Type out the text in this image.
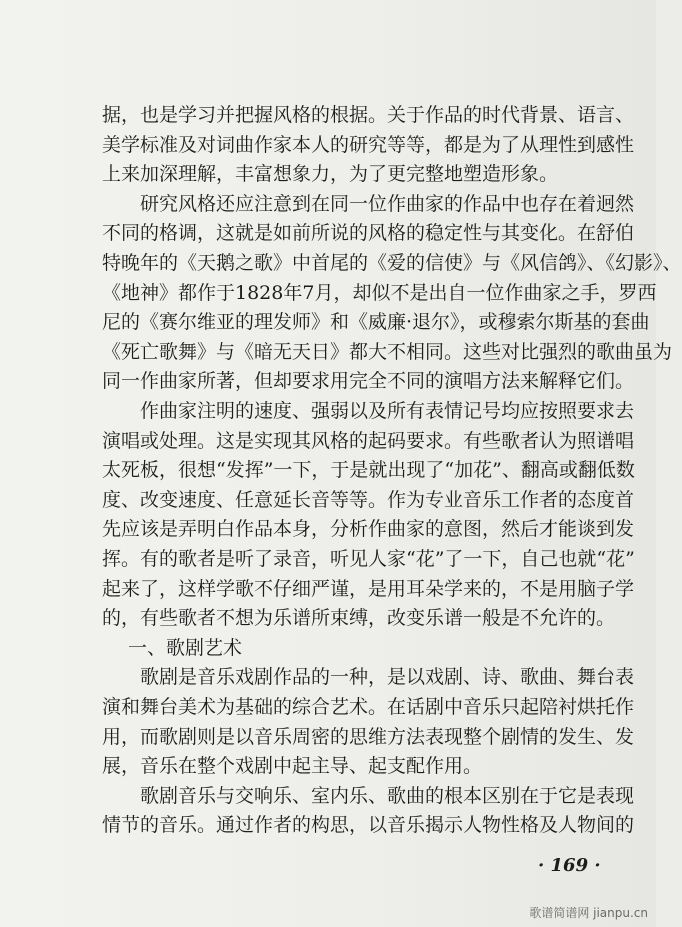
· 169 ·
歌谱简谱网 jianpu.cn
据，也是学习并把握风格的根据。关于作品的时代背景、语言、
美学标准及对词曲作家本人的研究等等，都是为了从理性到感性
上来加深理解，丰富想象力，为了更完整地塑造形象。
　　研究风格还应注意到在同一位作曲家的作品中也存在着迥然
不同的格调，这就是如前所说的风格的稳定性与其变化。在舒伯
特晚年的《天鹅之歌》中首尾的《爱的信使》与《风信鸽》、《幻影》、
《地神》都作于1828年7月，却似不是出自一位作曲家之手，罗西
尼的《赛尔维亚的理发师》和《威廉·退尔》，或穆索尔斯基的套曲
《死亡歌舞》与《暗无天日》都大不相同。这些对比强烈的歌曲虽为
同一作曲家所著，但却要求用完全不同的演唱方法来解释它们。
　　作曲家注明的速度、强弱以及所有表情记号均应按照要求去
演唱或处理。这是实现其风格的起码要求。有些歌者认为照谱唱
太死板，很想“发挥”一下，于是就出现了“加花”、翻高或翻低数
度、改变速度、任意延长音等等。作为专业音乐工作者的态度首
先应该是弄明白作品本身，分析作曲家的意图，然后才能谈到发
挥。有的歌者是听了录音，听见人家“花”了一下，自己也就“花”
起来了，这样学歌不仔细严谨，是用耳朵学来的，不是用脑子学
的，有些歌者不想为乐谱所束缚，改变乐谱一般是不允许的。
一、歌剧艺术
　　歌剧是音乐戏剧作品的一种，是以戏剧、诗、歌曲、舞台表
演和舞台美术为基础的综合艺术。在话剧中音乐只起陪衬烘托作
用，而歌剧则是以音乐周密的思维方法表现整个剧情的发生、发
展，音乐在整个戏剧中起主导、起支配作用。
　　歌剧音乐与交响乐、室内乐、歌曲的根本区别在于它是表现
情节的音乐。通过作者的构思，以音乐揭示人物性格及人物间的
